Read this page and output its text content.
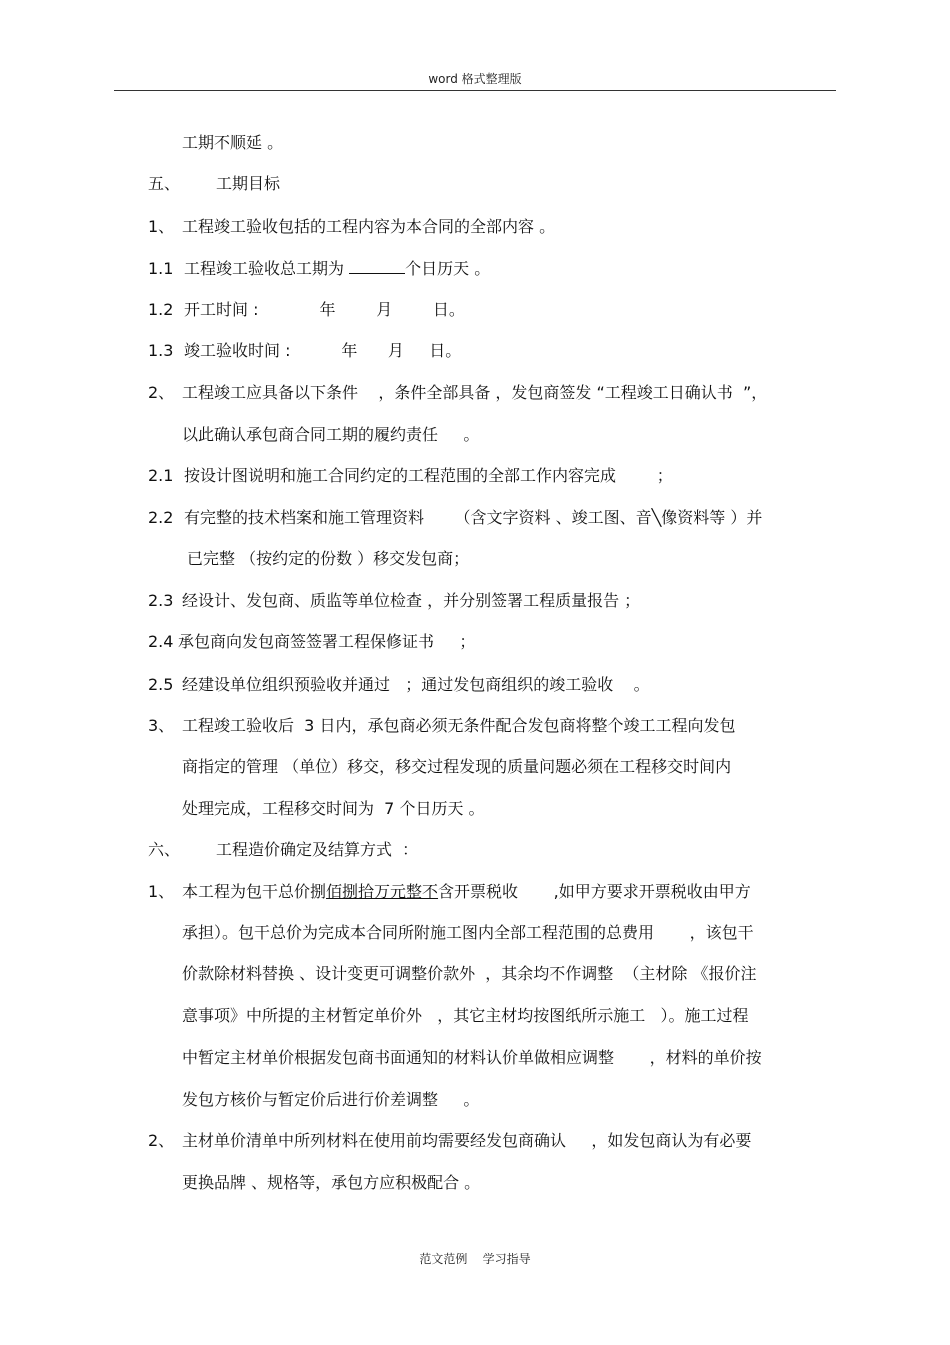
word 格式整理版
工期不顺延 。
五、 工期目标
1、 工程竣工验收包括的工程内容为本合同的全部内容 。
1.1 工程竣工验收总工期为	个日历天 。
1.2 开工时间 :            年        月        日。
1.3 竣工验收时间 :          年      月     日。
2、 工程竣工应具备以下条件    ，条件全部具备 ，发包商签发 “工程竣工日确认书  ”，
以此确认承包商合同工期的履约责任     。
2.1 按设计图说明和施工合同约定的工程范围的全部工作内容完成        ；
2.2 有完整的技术档案和施工管理资料      （含文字资料 、竣工图、音╲像资料等 ）并
已完整 （按约定的份数 ）移交发包商；
2.3 经设计、发包商、质监等单位检查 ，并分别签署工程质量报告 ；
2.4 承包商向发包商签签署工程保修证书     ；
2.5 经建设单位组织预验收并通过   ；通过发包商组织的竣工验收    。
3、 工程竣工验收后  3 日内，承包商必须无条件配合发包商将整个竣工工程向发包
商指定的管理 （单位）移交，移交过程发现的质量问题必须在工程移交时间内
处理完成，工程移交时间为  7 个日历天 。
六、 工程造价确定及结算方式  ：
1、 本工程为包干总价捌佰捌拾万元整不含开票税收       ,如甲方要求开票税收由甲方
承担）。包干总价为完成本合同所附施工图内全部工程范围的总费用       ，该包干
价款除材料替换 、设计变更可调整价款外  ，其余均不作调整  （主材除 《报价注
意事项》中所提的主材暂定单价外   ，其它主材均按图纸所示施工   ）。施工过程
中暂定主材单价根据发包商书面通知的材料认价单做相应调整       ，材料的单价按
发包方核价与暂定价后进行价差调整     。
2、 主材单价清单中所列材料在使用前均需要经发包商确认     ，如发包商认为有必要
更换品牌 、规格等，承包方应积极配合 。
范文范例    学习指导
